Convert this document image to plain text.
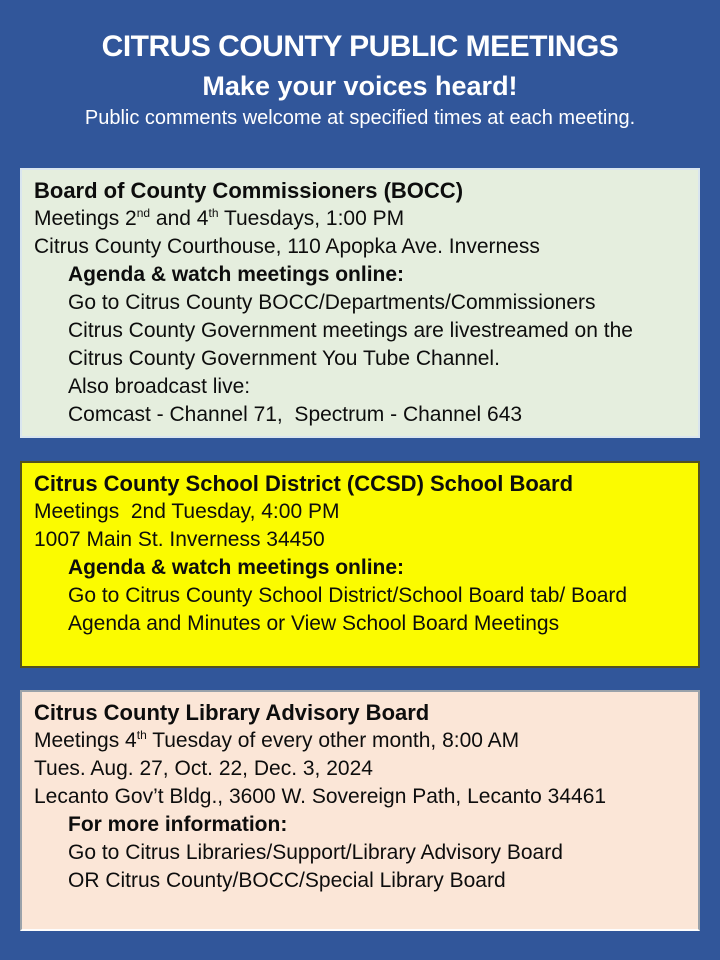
CITRUS COUNTY PUBLIC MEETINGS
Make your voices heard!

Public comments welcome at specified times at each meeting.

Board of County Commissioners (BOCC)
Meetings 2nd and 4th Tuesdays, 1:00 PM
Citrus County Courthouse, 110 Apopka Ave. Inverness
Agenda & watch meetings online:
Go to Citrus County BOCC/Departments/Commissioners
Citrus County Government meetings are livestreamed on the
Citrus County Government You Tube Channel.
Also broadcast live:
Comcast - Channel 71,  Spectrum - Channel 643
Citrus County School District (CCSD) School Board
Meetings  2nd Tuesday, 4:00 PM
1007 Main St. Inverness 34450
Agenda & watch meetings online:
Go to Citrus County School District/School Board tab/ Board
Agenda and Minutes or View School Board Meetings
Citrus County Library Advisory Board
Meetings 4th Tuesday of every other month, 8:00 AM
Tues. Aug. 27, Oct. 22, Dec. 3, 2024
Lecanto Gov’t Bldg., 3600 W. Sovereign Path, Lecanto 34461
For more information:
Go to Citrus Libraries/Support/Library Advisory Board
OR Citrus County/BOCC/Special Library Board
